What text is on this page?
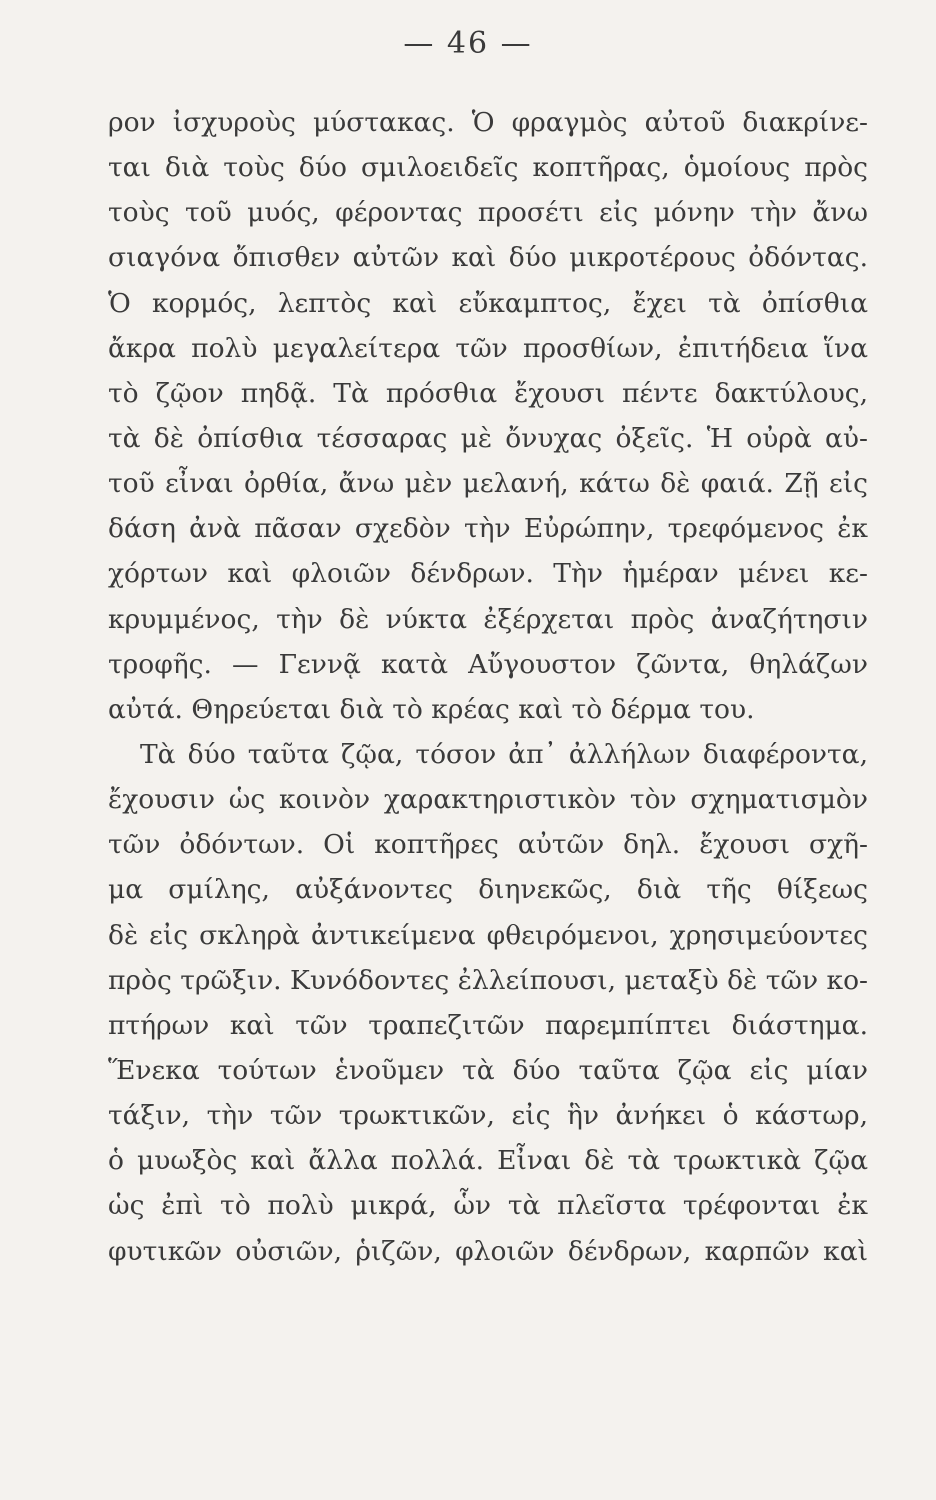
— 46 —
ρον ἰσχυροὺς μύστακας. Ὁ φραγμὸς αὐτοῦ διακρίνε-
ται διὰ τοὺς δύο σμιλοειδεῖς κοπτῆρας, ὁμοίους πρὸς
τοὺς τοῦ μυός, φέροντας προσέτι εἰς μόνην τὴν ἄνω
σιαγόνα ὄπισθεν αὐτῶν καὶ δύο μικροτέρους ὀδόντας.
Ὁ κορμός, λεπτὸς καὶ εὔκαμπτος, ἔχει τὰ ὀπίσθια
ἄκρα πολὺ μεγαλείτερα τῶν προσθίων, ἐπιτήδεια ἵνα
τὸ ζῷον πηδᾷ. Τὰ πρόσθια ἔχουσι πέντε δακτύλους,
τὰ δὲ ὀπίσθια τέσσαρας μὲ ὄνυχας ὀξεῖς. Ἡ οὐρὰ αὐ-
τοῦ εἶναι ὀρθία, ἄνω μὲν μελανή, κάτω δὲ φαιά. Ζῇ εἰς
δάση ἀνὰ πᾶσαν σχεδὸν τὴν Εὐρώπην, τρεφόμενος ἐκ
χόρτων καὶ φλοιῶν δένδρων. Τὴν ἡμέραν μένει κε-
κρυμμένος, τὴν δὲ νύκτα ἐξέρχεται πρὸς ἀναζήτησιν
τροφῆς. — Γεννᾷ κατὰ Αὔγουστον ζῶντα, θηλάζων
αὐτά. Θηρεύεται διὰ τὸ κρέας καὶ τὸ δέρμα του.
Τὰ δύο ταῦτα ζῷα, τόσον ἀπ᾽ ἀλλήλων διαφέροντα,
ἔχουσιν ὡς κοινὸν χαρακτηριστικὸν τὸν σχηματισμὸν
τῶν ὀδόντων. Οἱ κοπτῆρες αὐτῶν δηλ. ἔχουσι σχῆ-
μα σμίλης, αὐξάνοντες διηνεκῶς, διὰ τῆς θίξεως
δὲ εἰς σκληρὰ ἀντικείμενα φθειρόμενοι, χρησιμεύοντες
πρὸς τρῶξιν. Κυνόδοντες ἐλλείπουσι, μεταξὺ δὲ τῶν κο-
πτήρων καὶ τῶν τραπεζιτῶν παρεμπίπτει διάστημα.
Ἕνεκα τούτων ἑνοῦμεν τὰ δύο ταῦτα ζῷα εἰς μίαν
τάξιν, τὴν τῶν τρωκτικῶν, εἰς ἣν ἀνήκει ὁ κάστωρ,
ὁ μυωξὸς καὶ ἄλλα πολλά. Εἶναι δὲ τὰ τρωκτικὰ ζῷα
ὡς ἐπὶ τὸ πολὺ μικρά, ὧν τὰ πλεῖστα τρέφονται ἐκ
φυτικῶν οὐσιῶν, ῥιζῶν, φλοιῶν δένδρων, καρπῶν καὶ
